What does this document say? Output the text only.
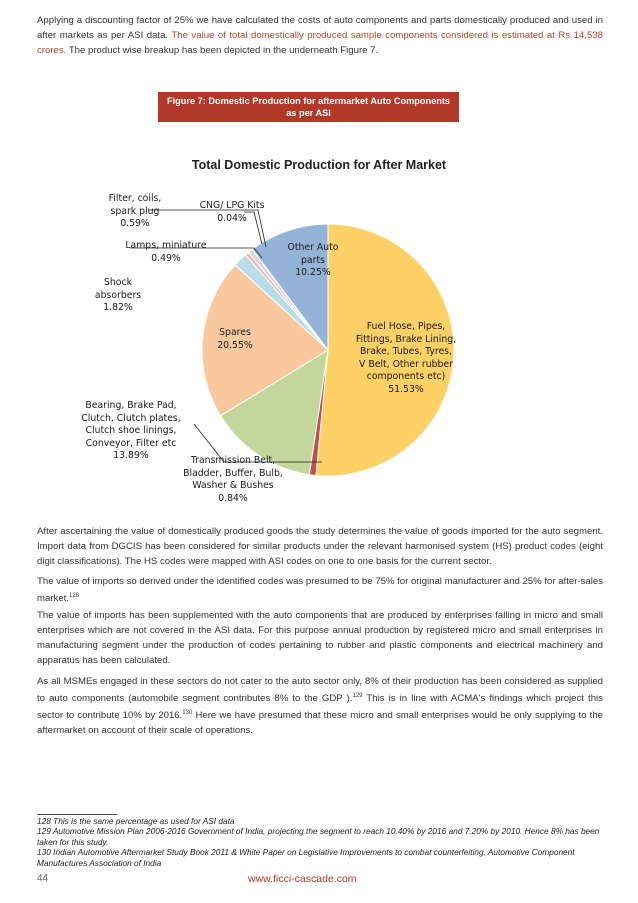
Applying a discounting factor of 25% we have calculated the costs of auto components and parts domestically produced and used in after markets as per ASI data. The value of total domestically produced sample components considered is estimated at Rs 14,538 crores. The product wise breakup has been depicted in the underneath Figure 7.

Figure 7: Domestic Production for aftermarket Auto Components
as per ASI
Total Domestic Production for After Market
Fuel Hose, Pipes,
Fittings, Brake Lining,
Brake, Tubes, Tyres,
V Belt, Other rubber
components etc)
51.53%
Transmission Belt,
Bladder, Buffer, Bulb,
Washer & Bushes
0.84%
Bearing, Brake Pad,
Clutch, Clutch plates,
Clutch shoe linings,
Conveyor, Filter etc
13.89%
Spares
20.55%
Shock
absorbers
1.82%
Lamps, miniature
0.49%
Filter, coils,
spark plug
0.59%
CNG/ LPG Kits
0.04%
Other Auto
parts
10.25%

After ascertaining the value of domestically produced goods the study determines the value of goods imported for the auto segment. Import data from DGCIS has been considered for similar products under the relevant harmonised system (HS) product codes (eight digit classifications). The HS codes were mapped with ASI codes on one to one basis for the current sector.

The value of imports so derived under the identified codes was presumed to be 75% for original manufacturer and 25% for after-sales market.$^{128}$

The value of imports has been supplemented with the auto components that are produced by enterprises falling in micro and small enterprises which are not covered in the ASI data. For this purpose annual production by registered micro and small enterprises in manufacturing segment under the production of codes pertaining to rubber and plastic components and electrical machinery and apparatus has been calculated.

As all MSMEs engaged in these sectors do not cater to the auto sector only, 8% of their production has been considered as supplied to auto components (automobile segment contributes 8% to the GDP ).$^{129}$ This is in line with ACMA's findings which project this sector to contribute 10% by 2016.$^{130}$ Here we have presumed that these micro and small enterprises would be only supplying to the aftermarket on account of their scale of operations.

128 This is the same percentage as used for ASI data

129 Automotive Mission Plan 2006-2016 Government of India, projecting the segment to reach 10.40% by 2016 and 7.20% by 2010. Hence 8% has been taken for this study.

130 Indian Automotive Aftermarket Study Book 2011 & White Paper on Legislative Improvements to combat counterfeiting, Automotive Component Manufactures Association of India

44	www.ficci-cascade.com
